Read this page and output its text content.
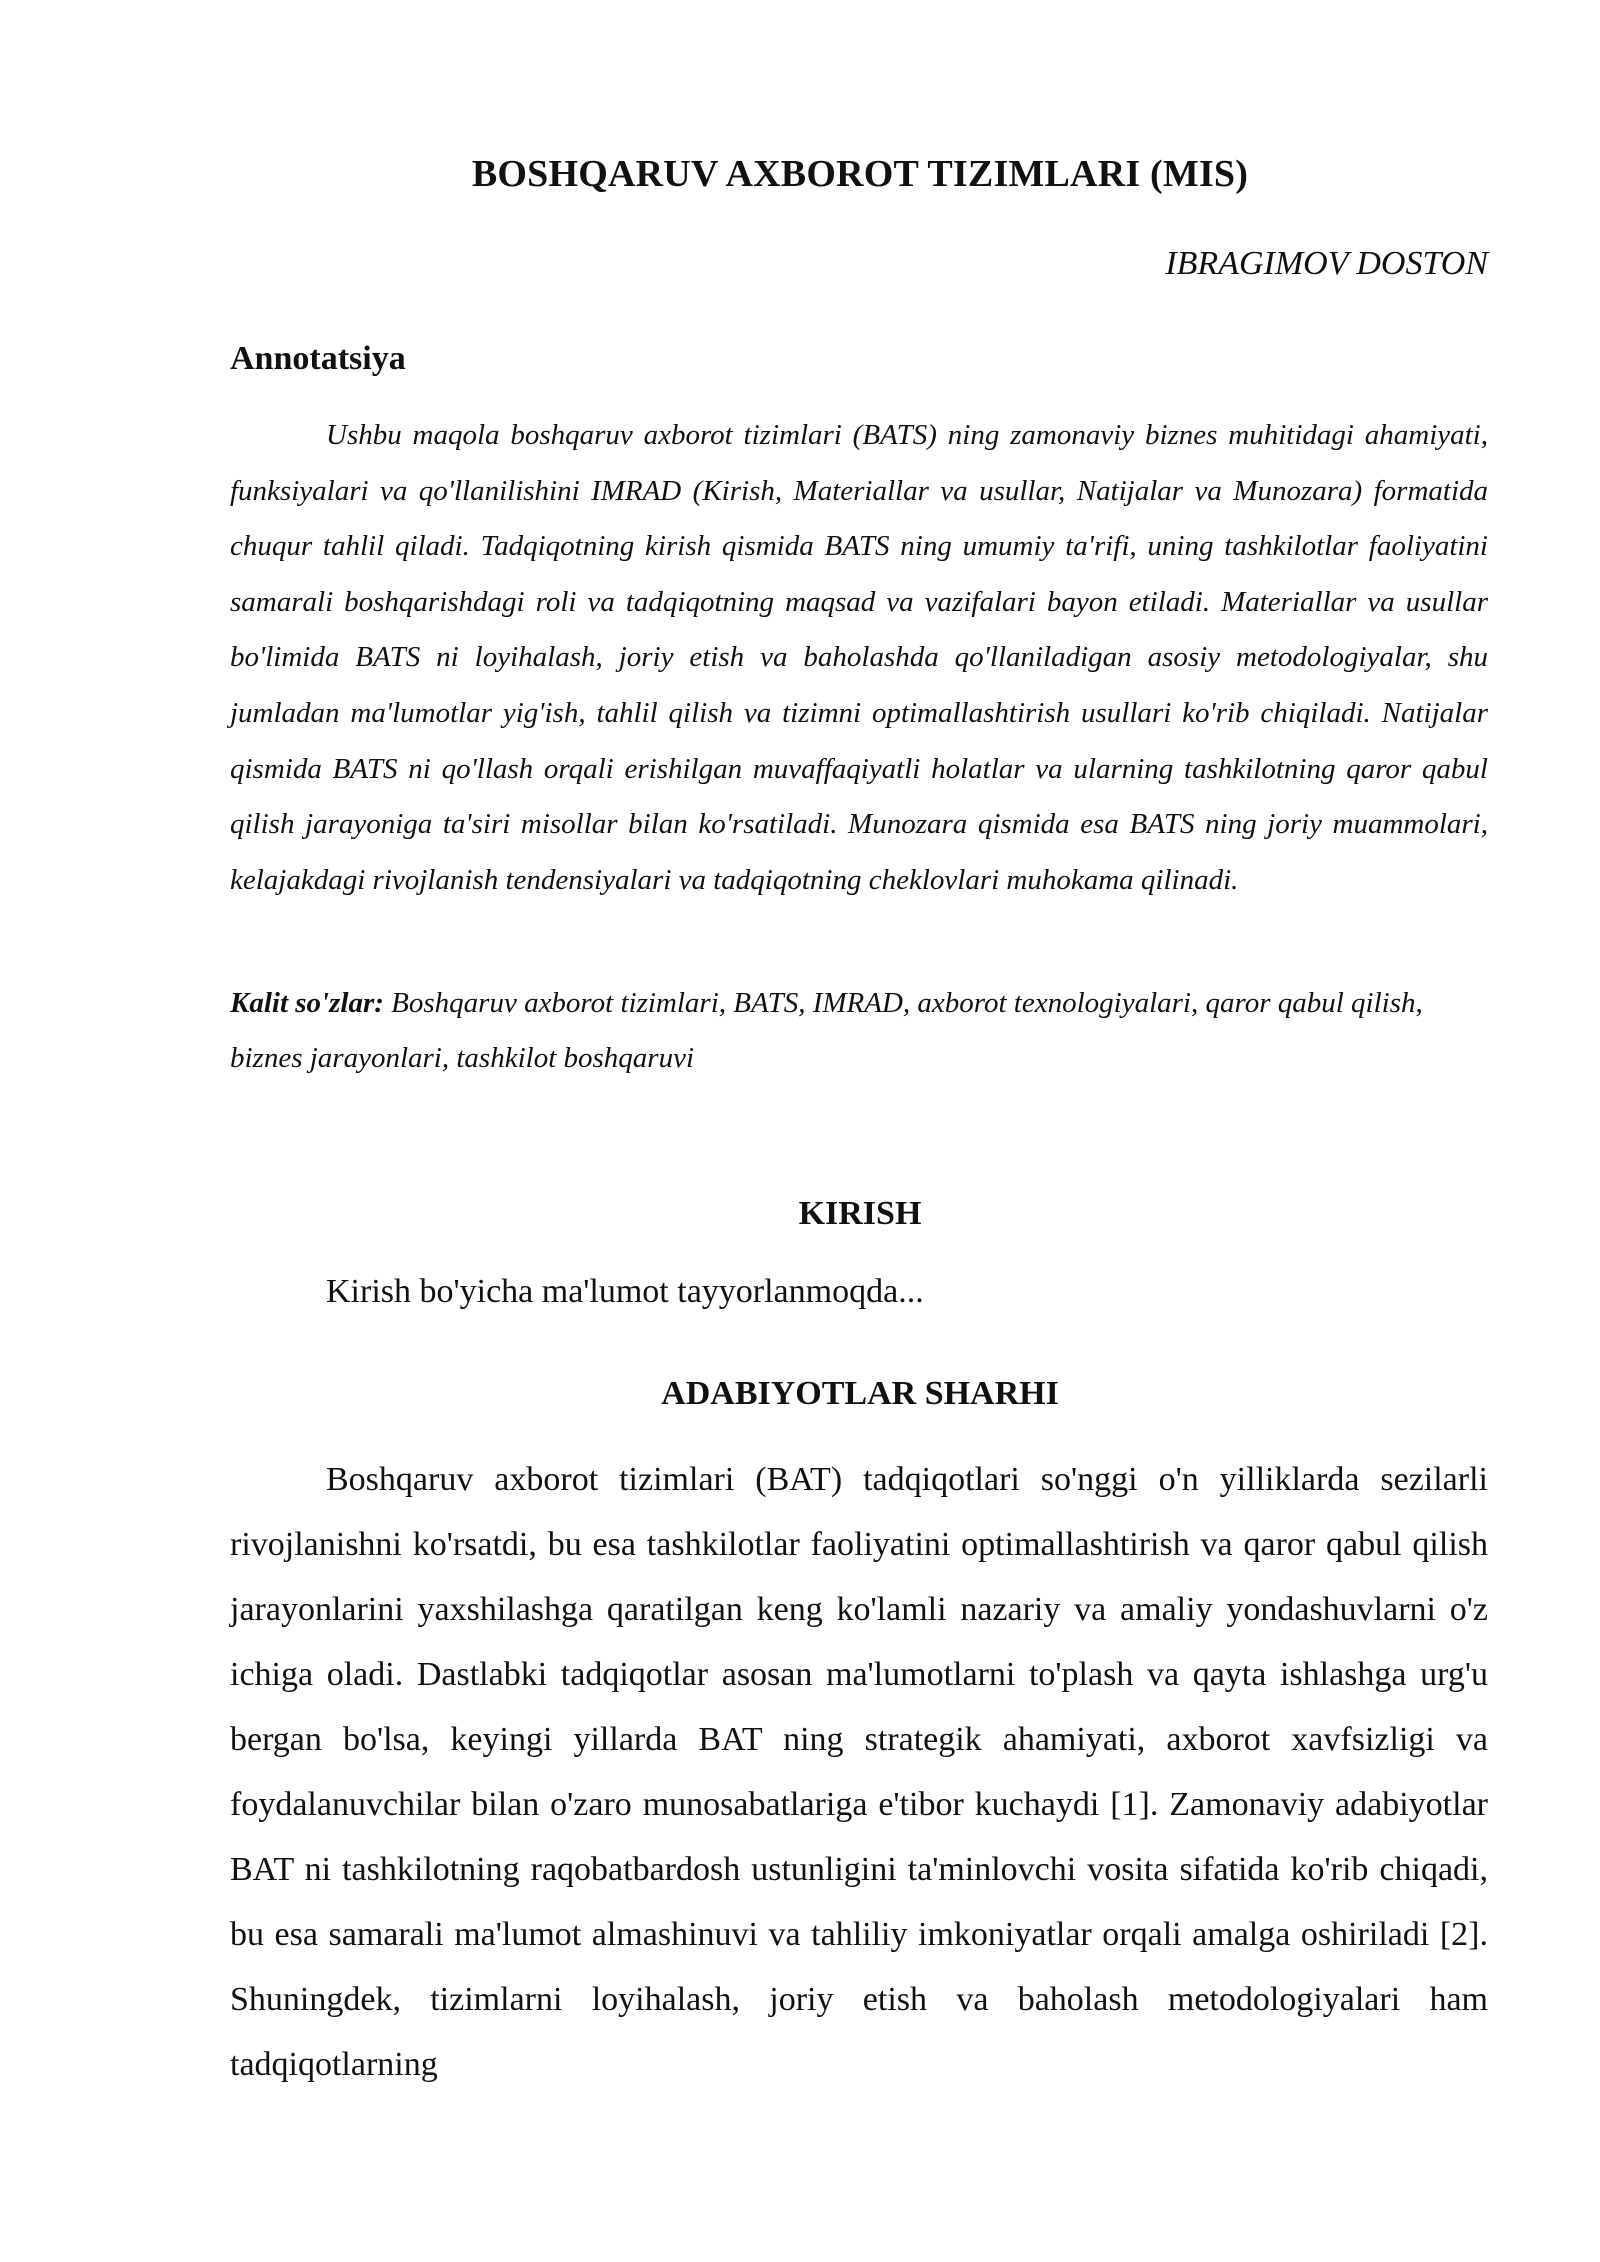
BOSHQARUV AXBOROT TIZIMLARI (MIS)
IBRAGIMOV DOSTON
Annotatsiya
Ushbu maqola boshqaruv axborot tizimlari (BATS) ning zamonaviy biznes muhitidagi ahamiyati, funksiyalari va qo'llanilishini IMRAD (Kirish, Materiallar va usullar, Natijalar va Munozara) formatida chuqur tahlil qiladi. Tadqiqotning kirish qismida BATS ning umumiy ta'rifi, uning tashkilotlar faoliyatini samarali boshqarishdagi roli va tadqiqotning maqsad va vazifalari bayon etiladi. Materiallar va usullar bo'limida BATS ni loyihalash, joriy etish va baholashda qo'llaniladigan asosiy metodologiyalar, shu jumladan ma'lumotlar yig'ish, tahlil qilish va tizimni optimallashtirish usullari ko'rib chiqiladi. Natijalar qismida BATS ni qo'llash orqali erishilgan muvaffaqiyatli holatlar va ularning tashkilotning qaror qabul qilish jarayoniga ta'siri misollar bilan ko'rsatiladi. Munozara qismida esa BATS ning joriy muammolari, kelajakdagi rivojlanish tendensiyalari va tadqiqotning cheklovlari muhokama qilinadi.
Kalit so'zlar: Boshqaruv axborot tizimlari, BATS, IMRAD, axborot texnologiyalari, qaror qabul qilish, biznes jarayonlari, tashkilot boshqaruvi
KIRISH
Kirish bo'yicha ma'lumot tayyorlanmoqda...
ADABIYOTLAR SHARHI
Boshqaruv axborot tizimlari (BAT) tadqiqotlari so'nggi o'n yilliklarda sezilarli rivojlanishni ko'rsatdi, bu esa tashkilotlar faoliyatini optimallashtirish va qaror qabul qilish jarayonlarini yaxshilashga qaratilgan keng ko'lamli nazariy va amaliy yondashuvlarni o'z ichiga oladi. Dastlabki tadqiqotlar asosan ma'lumotlarni to'plash va qayta ishlashga urg'u bergan bo'lsa, keyingi yillarda BAT ning strategik ahamiyati, axborot xavfsizligi va foydalanuvchilar bilan o'zaro munosabatlariga e'tibor kuchaydi [1]. Zamonaviy adabiyotlar BAT ni tashkilotning raqobatbardosh ustunligini ta'minlovchi vosita sifatida ko'rib chiqadi, bu esa samarali ma'lumot almashinuvi va tahliliy imkoniyatlar orqali amalga oshiriladi [2]. Shuningdek, tizimlarni loyihalash, joriy etish va baholash metodologiyalari ham tadqiqotlarning
